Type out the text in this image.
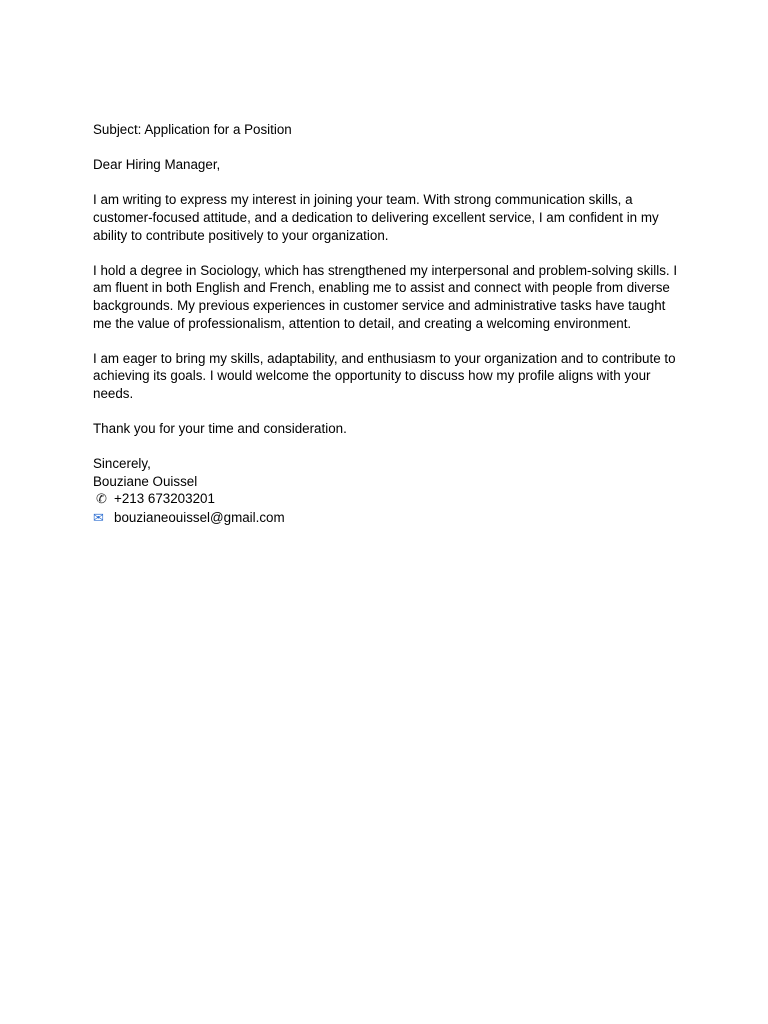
Subject: Application for a Position

Dear Hiring Manager,

I am writing to express my interest in joining your team. With strong communication skills, a customer-focused attitude, and a dedication to delivering excellent service, I am confident in my ability to contribute positively to your organization.

I hold a degree in Sociology, which has strengthened my interpersonal and problem-solving skills. I am fluent in both English and French, enabling me to assist and connect with people from diverse backgrounds. My previous experiences in customer service and administrative tasks have taught me the value of professionalism, attention to detail, and creating a welcoming environment.

I am eager to bring my skills, adaptability, and enthusiasm to your organization and to contribute to achieving its goals. I would welcome the opportunity to discuss how my profile aligns with your needs.

Thank you for your time and consideration.

Sincerely,

Bouziane Ouissel

✆ +213 673203201
✉ bouzianeouissel@gmail.com
